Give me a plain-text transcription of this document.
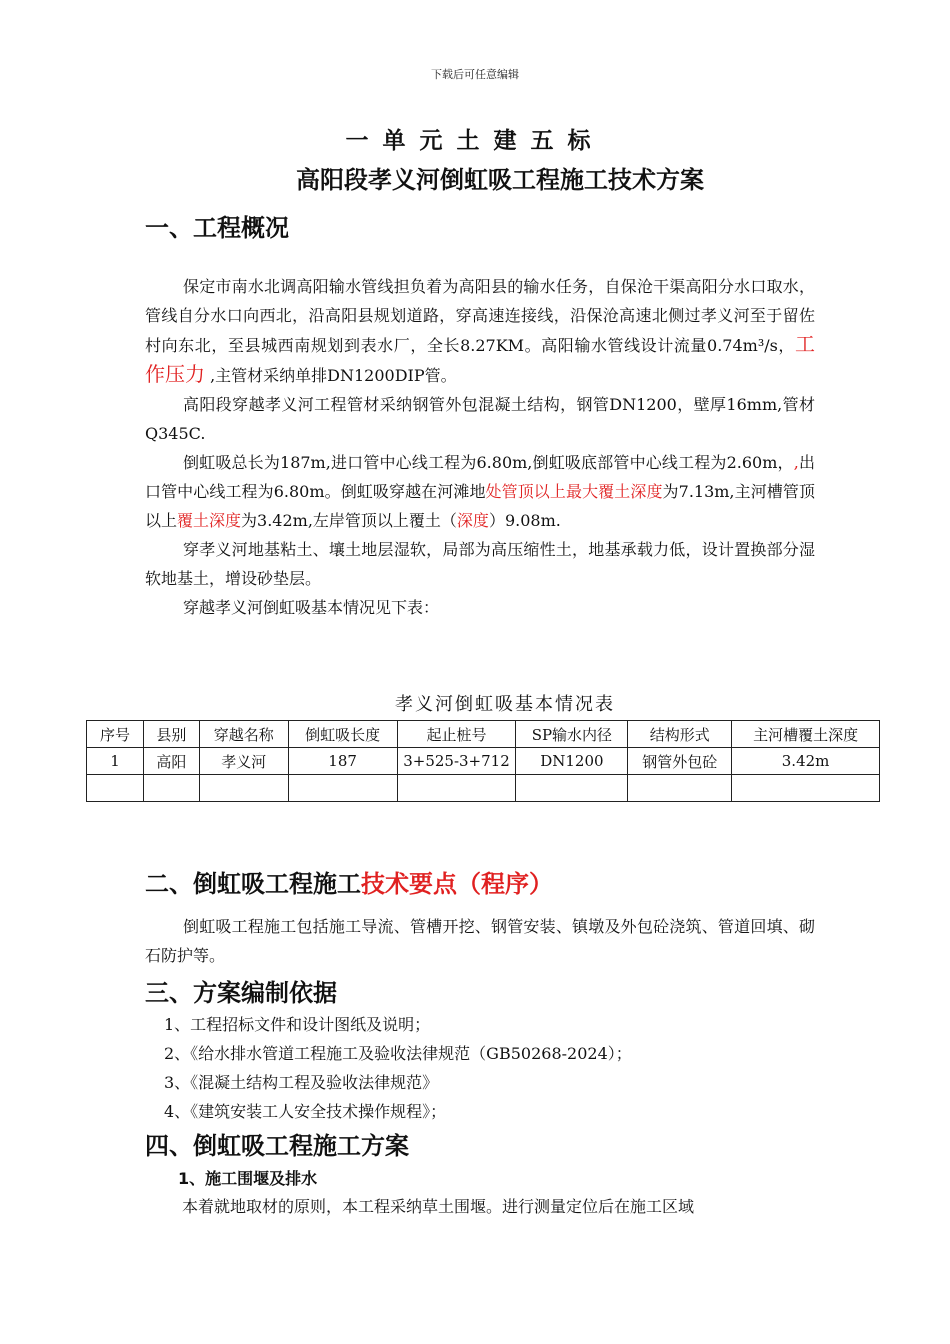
下载后可任意编辑
一单元土建五标
高阳段孝义河倒虹吸工程施工技术方案
一、工程概况

保定市南水北调高阳输水管线担负着为高阳县的输水任务，自保沧干渠高阳分水口取水，管线自分水口向西北，沿高阳县规划道路，穿高速连接线，沿保沧高速北侧过孝义河至于留佐村向东北，至县城西南规划到表水厂，全长8.27KM。高阳输水管线设计流量0.74m³/s，工作压力 ,主管材采纳单排DN1200DIP管。

高阳段穿越孝义河工程管材采纳钢管外包混凝土结构，钢管DN1200，壁厚16mm,管材Q345C.

倒虹吸总长为187m,进口管中心线工程为6.80m,倒虹吸底部管中心线工程为2.60m，,出口管中心线工程为6.80m。倒虹吸穿越在河滩地处管顶以上最大覆土深度为7.13m,主河槽管顶以上覆土深度为3.42m,左岸管顶以上覆土（深度）9.08m.

穿孝义河地基粘土、壤土地层湿软，局部为高压缩性土，地基承载力低，设计置换部分湿软地基土，增设砂垫层。

穿越孝义河倒虹吸基本情况见下表：

孝义河倒虹吸基本情况表
序号	县别	穿越名称	倒虹吸长度	起止桩号	SP输水内径	结构形式	主河槽覆土深度
1	高阳	孝义河	187	3+525-3+712	DN1200	钢管外包砼	3.42m

二、倒虹吸工程施工技术要点（程序）

倒虹吸工程施工包括施工导流、管槽开挖、钢管安装、镇墩及外包砼浇筑、管道回填、砌石防护等。

三、方案编制依据
1、工程招标文件和设计图纸及说明；
2、《给水排水管道工程施工及验收法律规范（GB50268-2024）；
3、《混凝土结构工程及验收法律规范》
4、《建筑安装工人安全技术操作规程》；
四、倒虹吸工程施工方案
1、施工围堰及排水

本着就地取材的原则，本工程采纳草土围堰。进行测量定位后在施工区域
